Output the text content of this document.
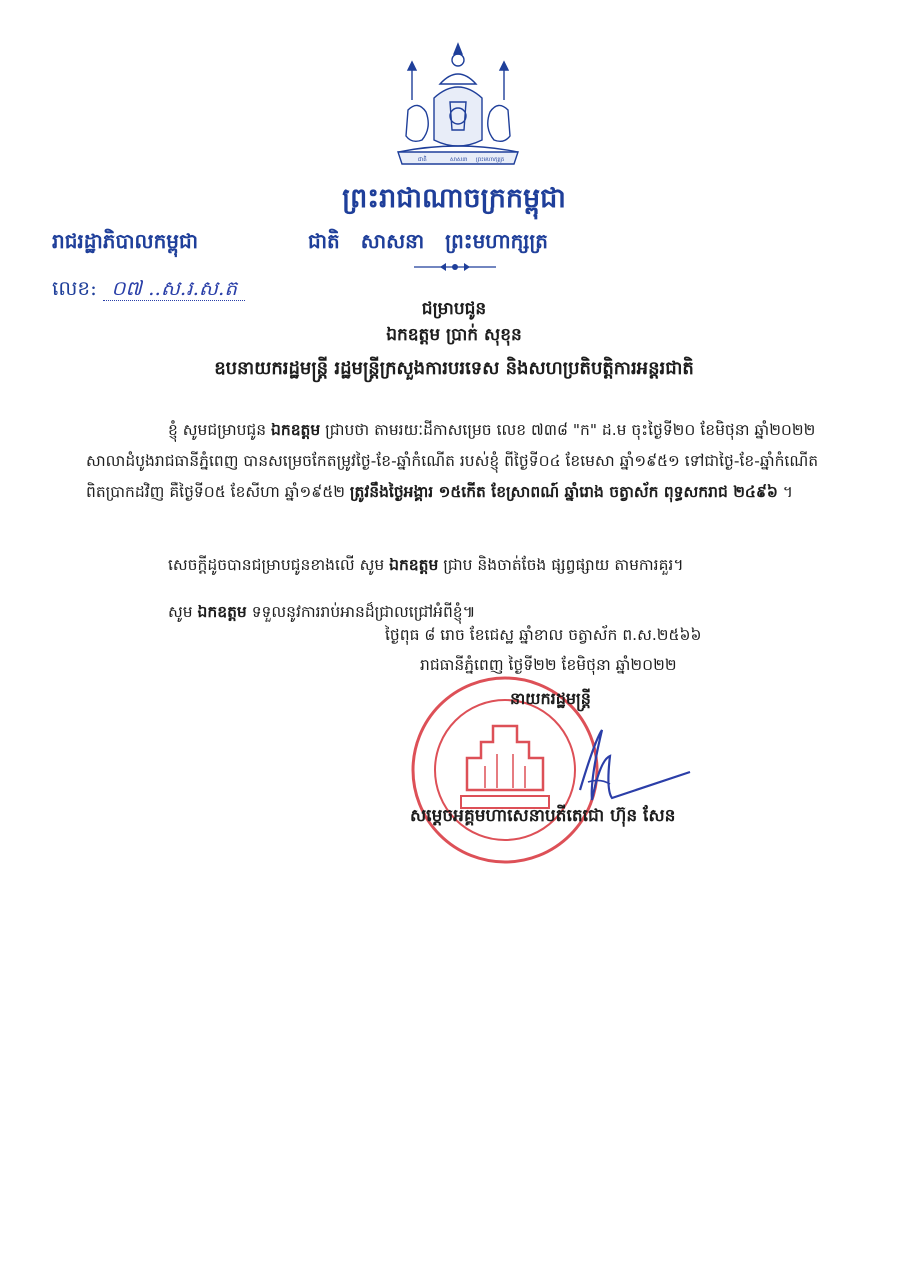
ជាតិ	សាសនា ព្រះមហាក្សត្រ
ព្រះរាជាណាចក្រកម្ពុជា
រាជរដ្ឋាភិបាលកម្ពុជា	ជាតិ សាសនា ព្រះមហាក្សត្រ
លេខ: ០៧ ..ស.រ.ស.ត
ជម្រាបជូន
ឯកឧត្តម ប្រាក់ សុខុន
ឧបនាយករដ្ឋមន្ត្រី រដ្ឋមន្ត្រីក្រសួងការបរទេស និងសហប្រតិបត្តិការអន្តរជាតិ
ខ្ញុំ សូមជម្រាបជូន ឯកឧត្តម ជ្រាបថា តាមរយៈដីកាសម្រេច លេខ ៧៣៨ "ក" ដ.ម ចុះថ្ងៃទី២០ ខែមិថុនា ឆ្នាំ២០២២ សាលាដំបូងរាជធានីភ្នំពេញ បានសម្រេចកែតម្រូវថ្ងៃ-ខែ-ឆ្នាំកំណើត របស់ខ្ញុំ ពីថ្ងៃទី០៤ ខែមេសា ឆ្នាំ១៩៥១ ទៅជាថ្ងៃ-ខែ-ឆ្នាំកំណើតពិតប្រាកដវិញ គឺថ្ងៃទី០៥ ខែសីហា ឆ្នាំ១៩៥២ ត្រូវនឹងថ្ងៃអង្គារ ១៥កើត ខែស្រាពណ៍ ឆ្នាំរោង ចត្វាស័ក ពុទ្ធសករាជ ២៤៩៦ ។
សេចក្តីដូចបានជម្រាបជូនខាងលើ សូម ឯកឧត្តម ជ្រាប និងចាត់ចែង ផ្សព្វផ្សាយ តាមការគួរ។
សូម ឯកឧត្តម ទទួលនូវការរាប់អានដ៏ជ្រាលជ្រៅអំពីខ្ញុំ៕
ថ្ងៃពុធ ៨ រោច ខែជេស្ឋ ឆ្នាំខាល ចត្វាស័ក ព.ស.២៥៦៦
រាជធានីភ្នំពេញ ថ្ងៃទី២២ ខែមិថុនា ឆ្នាំ២០២២
នាយករដ្ឋមន្ត្រី
សម្តេចអគ្គមហាសេនាបតីតេជោ ហ៊ុន សែន
